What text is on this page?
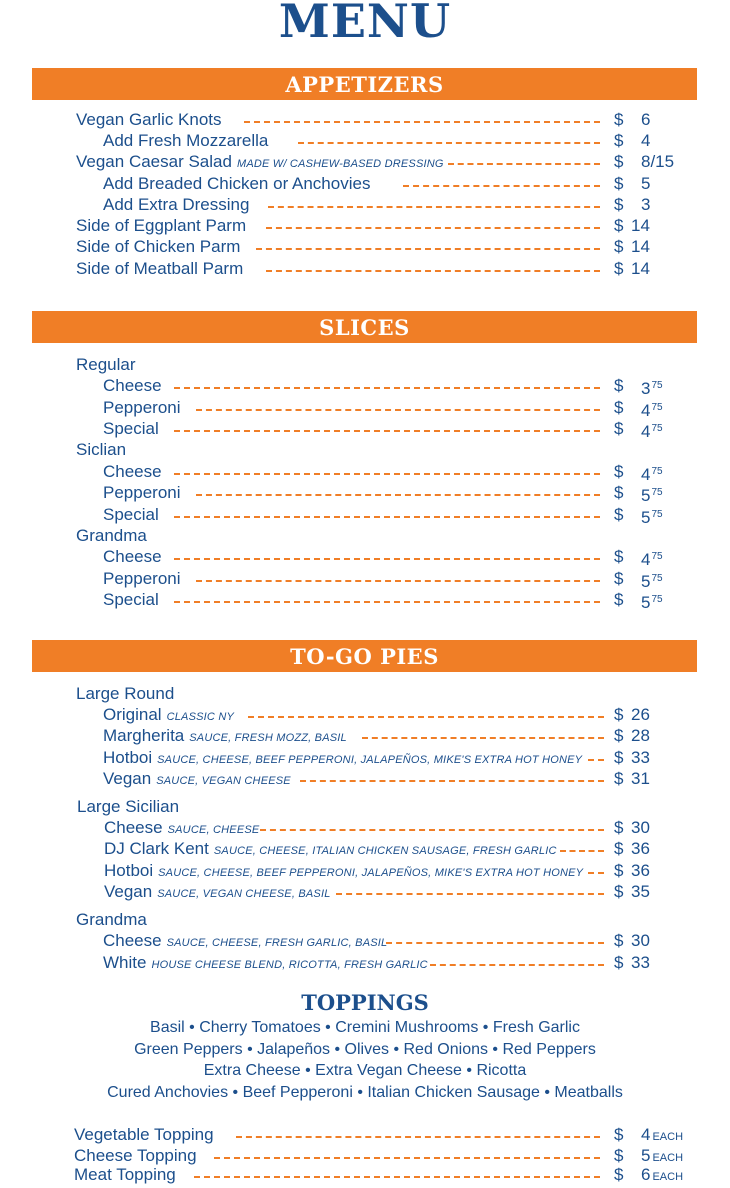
MENU
APPETIZERS
Vegan Garlic Knots	$ 6
Add Fresh Mozzarella	$ 4
Vegan Caesar Salad MADE W/ CASHEW-BASED DRESSING	$ 8/15
Add Breaded Chicken or Anchovies	$ 5
Add Extra Dressing	$ 3
Side of Eggplant Parm	$ 14
Side of Chicken Parm	$ 14
Side of Meatball Parm	$ 14
SLICES
Regular
Cheese	$ $3^{75}$
Pepperoni	$ $4^{75}$
Special	$ $4^{75}$
Siclian
Cheese	$ $4^{75}$
Pepperoni	$ $5^{75}$
Special	$ $5^{75}$
Grandma
Cheese	$ $4^{75}$
Pepperoni	$ $5^{75}$
Special	$ $5^{75}$
TO-GO PIES
Large Round
Original CLASSIC NY	$ 26
Margherita SAUCE, FRESH MOZZ, BASIL	$ 28
Hotboi SAUCE, CHEESE, BEEF PEPPERONI, JALAPEÑOS, MIKE'S EXTRA HOT HONEY $ 33
Vegan SAUCE, VEGAN CHEESE	$ 31
Large Sicilian
Cheese SAUCE, CHEESE	$ 30
DJ Clark Kent SAUCE, CHEESE, ITALIAN CHICKEN SAUSAGE, FRESH GARLIC	$ 36
Hotboi SAUCE, CHEESE, BEEF PEPPERONI, JALAPEÑOS, MIKE'S EXTRA HOT HONEY $ 36
Vegan SAUCE, VEGAN CHEESE, BASIL	$ 35
Grandma
Cheese SAUCE, CHEESE, FRESH GARLIC, BASIL	$ 30
White HOUSE CHEESE BLEND, RICOTTA, FRESH GARLIC	$ 33
TOPPINGS
Basil • Cherry Tomatoes • Cremini Mushrooms • Fresh Garlic
Green Peppers • Jalapeños • Olives • Red Onions • Red Peppers
Extra Cheese • Extra Vegan Cheese • Ricotta
Cured Anchovies • Beef Pepperoni • Italian Chicken Sausage • Meatballs
Vegetable Topping	$ 4 EACH
Cheese Topping	$ 5 EACH
Meat Topping	$ 6 EACH
